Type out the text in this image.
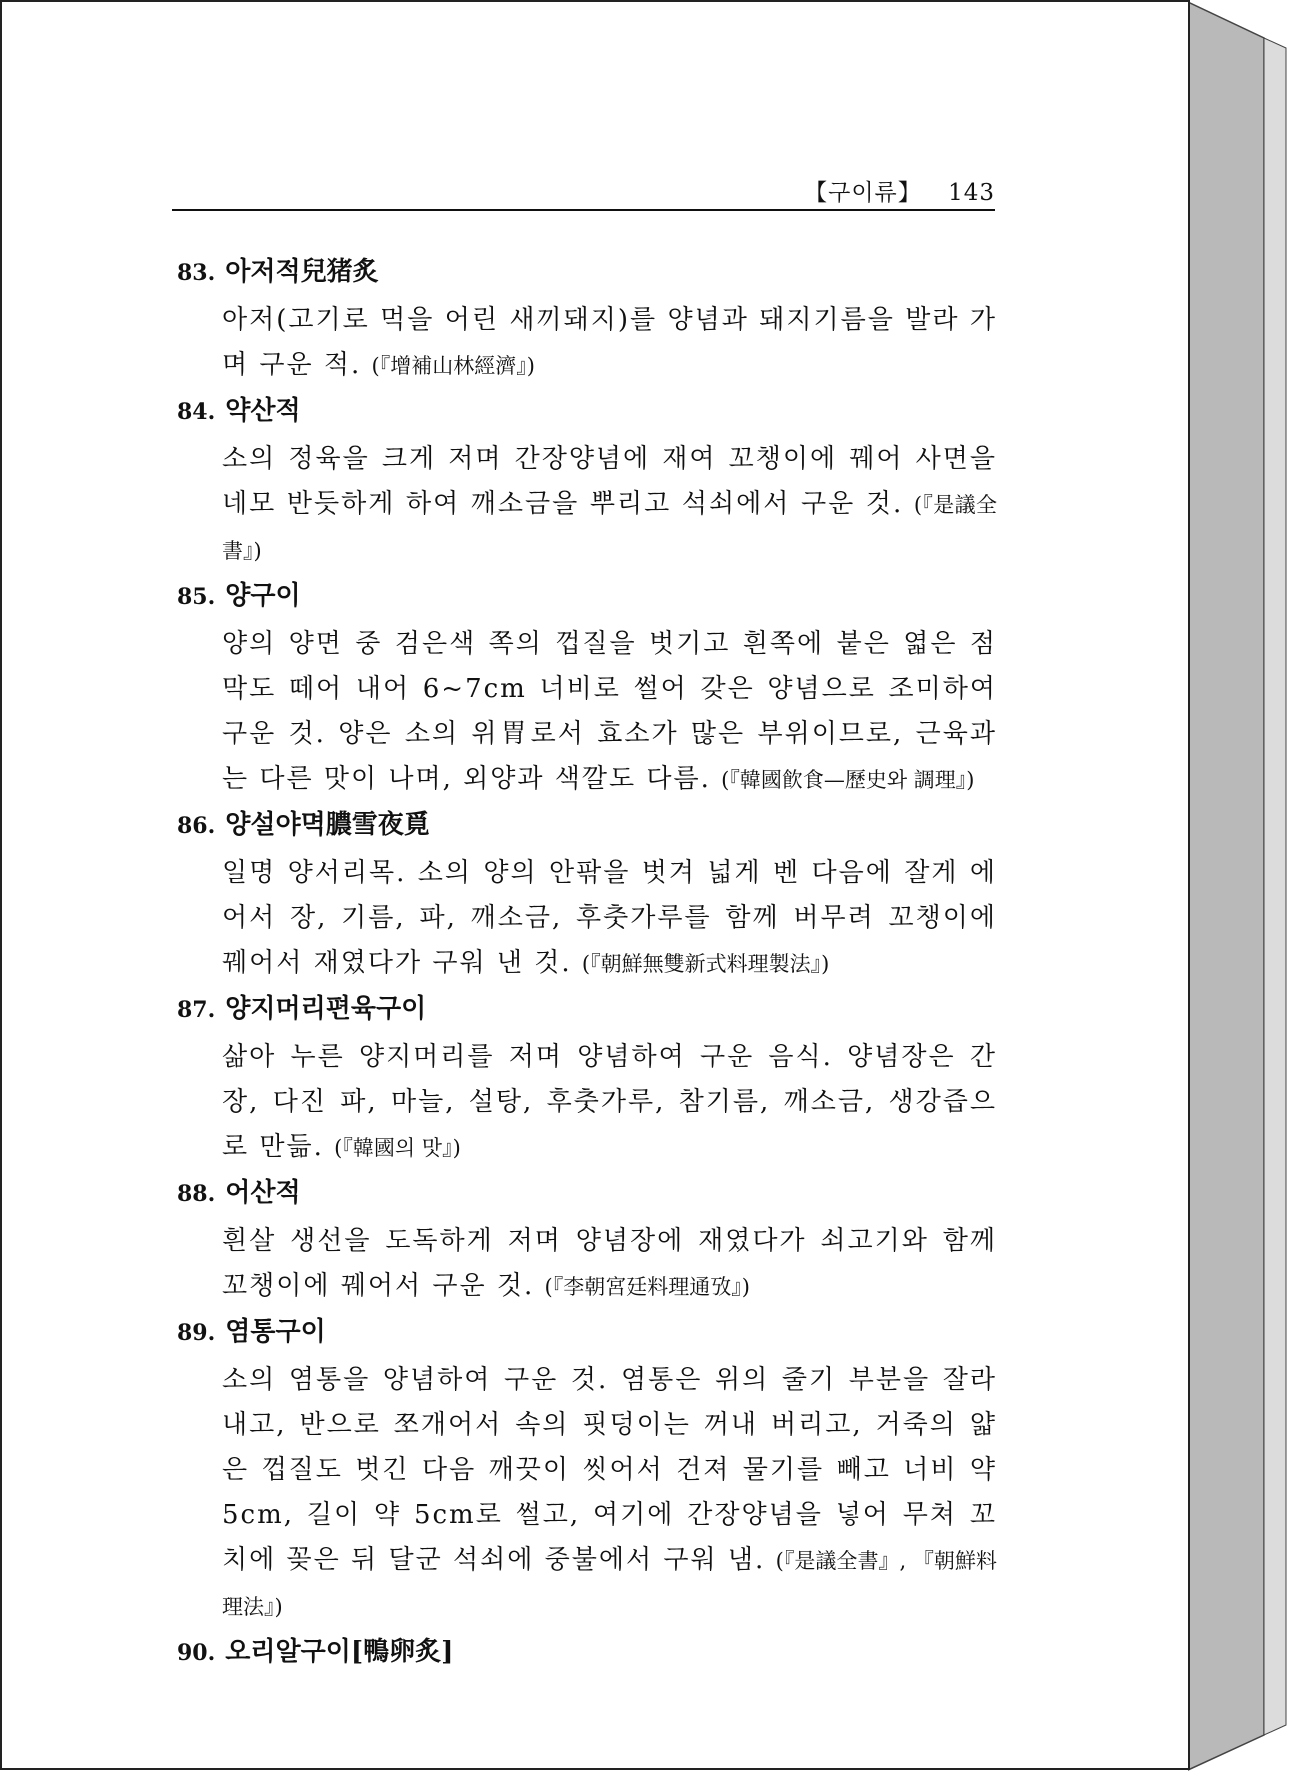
【구이류】 143
83. 아저적兒猪炙
아저(고기로 먹을 어린 새끼돼지)를 양념과 돼지기름을 발라 가며 구운 적. (『增補山林經濟』)
84. 약산적
소의 정육을 크게 저며 간장양념에 재여 꼬챙이에 꿰어 사면을 네모 반듯하게 하여 깨소금을 뿌리고 석쇠에서 구운 것. (『是議全書』)
85. 양구이
양의 양면 중 검은색 쪽의 껍질을 벗기고 흰쪽에 붙은 엷은 점막도 떼어 내어 6~7cm 너비로 썰어 갖은 양념으로 조미하여 구운 것. 양은 소의 위胃로서 효소가 많은 부위이므로, 근육과는 다른 맛이 나며, 외양과 색깔도 다름. (『韓國飮食—歷史와 調理』)
86. 양설야멱膿雪夜覓
일명 양서리목. 소의 양의 안팎을 벗겨 넓게 벤 다음에 잘게 에어서 장, 기름, 파, 깨소금, 후춧가루를 함께 버무려 꼬챙이에 꿰어서 재였다가 구워 낸 것. (『朝鮮無雙新式料理製法』)
87. 양지머리편육구이
삶아 누른 양지머리를 저며 양념하여 구운 음식. 양념장은 간장, 다진 파, 마늘, 설탕, 후춧가루, 참기름, 깨소금, 생강즙으로 만듦. (『韓國의 맛』)
88. 어산적
흰살 생선을 도독하게 저며 양념장에 재였다가 쇠고기와 함께 꼬챙이에 꿰어서 구운 것. (『李朝宮廷料理通攷』)
89. 염통구이
소의 염통을 양념하여 구운 것. 염통은 위의 줄기 부분을 잘라내고, 반으로 쪼개어서 속의 핏덩이는 꺼내 버리고, 거죽의 얇은 껍질도 벗긴 다음 깨끗이 씻어서 건져 물기를 빼고 너비 약 5cm, 길이 약 5cm로 썰고, 여기에 간장양념을 넣어 무쳐 꼬치에 꽂은 뒤 달군 석쇠에 중불에서 구워 냄. (『是議全書』, 『朝鮮料理法』)
90. 오리알구이[鴨卵炙]
